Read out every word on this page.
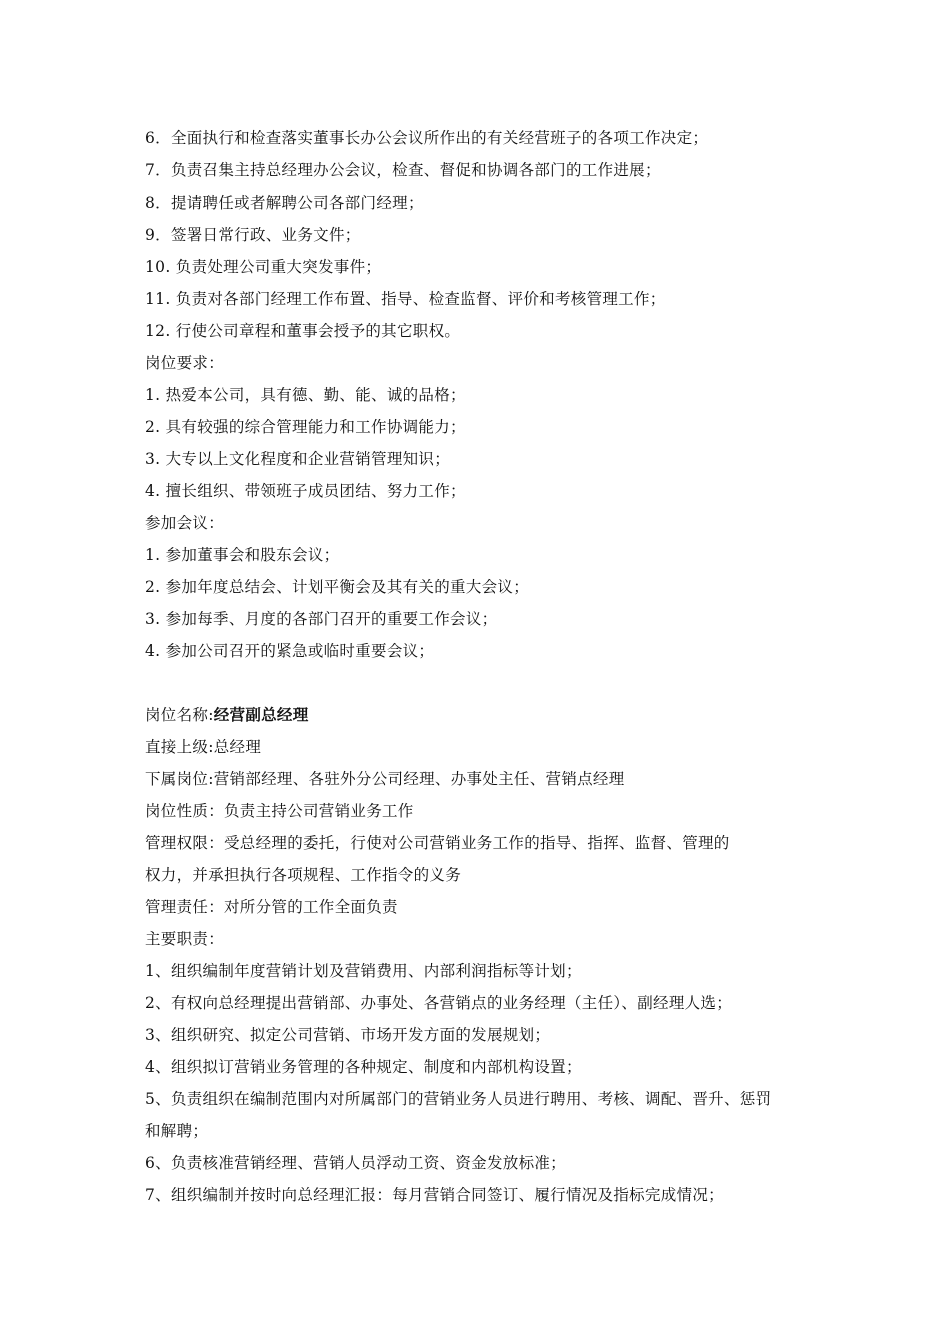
6．全面执行和检查落实董事长办公会议所作出的有关经营班子的各项工作决定；
7．负责召集主持总经理办公会议，检查、督促和协调各部门的工作进展；
8．提请聘任或者解聘公司各部门经理；
9．签署日常行政、业务文件；
10. 负责处理公司重大突发事件；
11. 负责对各部门经理工作布置、指导、检查监督、评价和考核管理工作；
12. 行使公司章程和董事会授予的其它职权。
岗位要求：
1. 热爱本公司，具有德、勤、能、诚的品格；
2. 具有较强的综合管理能力和工作协调能力；
3. 大专以上文化程度和企业营销管理知识；
4. 擅长组织、带领班子成员团结、努力工作；
参加会议：
1. 参加董事会和股东会议；
2. 参加年度总结会、计划平衡会及其有关的重大会议；
3. 参加每季、月度的各部门召开的重要工作会议；
4. 参加公司召开的紧急或临时重要会议；
岗位名称:经营副总经理
直接上级:总经理
下属岗位:营销部经理、各驻外分公司经理、办事处主任、营销点经理
岗位性质：负责主持公司营销业务工作
管理权限：受总经理的委托，行使对公司营销业务工作的指导、指挥、监督、管理的
权力，并承担执行各项规程、工作指令的义务
管理责任：对所分管的工作全面负责
主要职责：
1、组织编制年度营销计划及营销费用、内部利润指标等计划；
2、有权向总经理提出营销部、办事处、各营销点的业务经理（主任）、副经理人选；
3、组织研究、拟定公司营销、市场开发方面的发展规划；
4、组织拟订营销业务管理的各种规定、制度和内部机构设置；
5、负责组织在编制范围内对所属部门的营销业务人员进行聘用、考核、调配、晋升、惩罚
和解聘；
6、负责核准营销经理、营销人员浮动工资、资金发放标准；
7、组织编制并按时向总经理汇报：每月营销合同签订、履行情况及指标完成情况；
